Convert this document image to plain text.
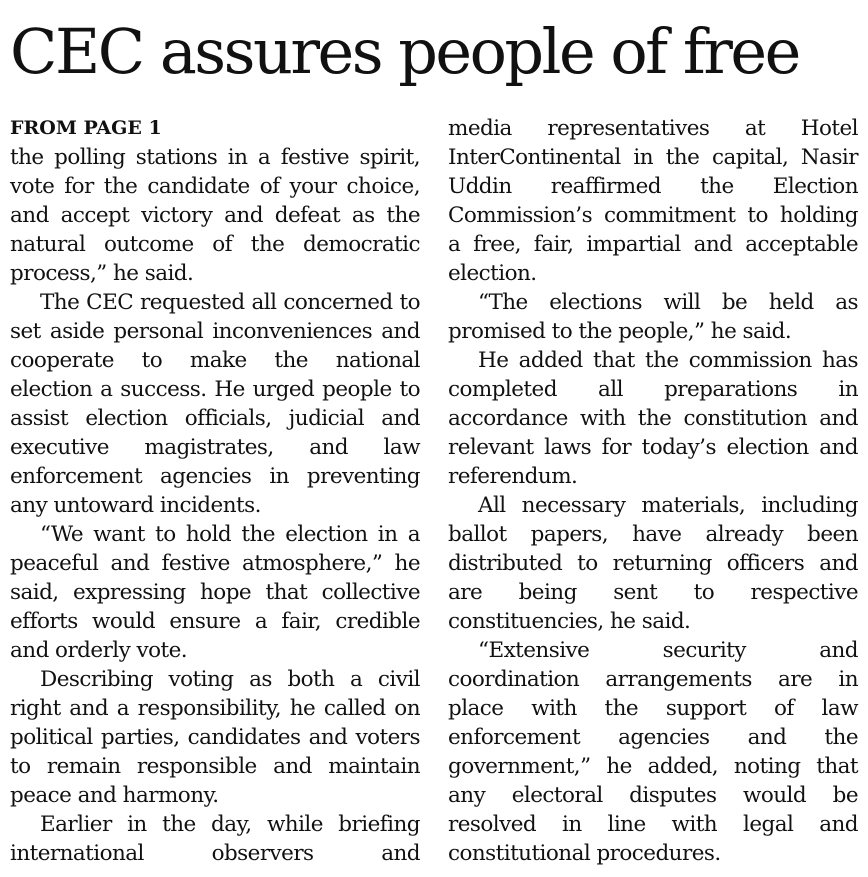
CEC assures people of free
FROM PAGE 1

the polling stations in a festive spirit, vote for the candidate of your choice, and accept victory and defeat as the natural outcome of the democratic process,” he said.

The CEC requested all concerned to set aside personal inconveniences and cooperate to make the national election a success. He urged people to assist election officials, judicial and executive magistrates, and law enforcement agencies in preventing any untoward incidents.

“We want to hold the election in a peaceful and festive atmosphere,” he said, expressing hope that collective efforts would ensure a fair, credible and orderly vote.

Describing voting as both a civil right and a responsibility, he called on political parties, candidates and voters to remain responsible and maintain peace and harmony.

Earlier in the day, while briefing international observers and

media representatives at Hotel InterContinental in the capital, Nasir Uddin reaffirmed the Election Commission’s commitment to holding a free, fair, impartial and acceptable election.

“The elections will be held as promised to the people,” he said.

He added that the commission has completed all preparations in accordance with the constitution and relevant laws for today’s election and referendum.

All necessary materials, including ballot papers, have already been distributed to returning officers and are being sent to respective constituencies, he said.

“Extensive security and coordination arrangements are in place with the support of law enforcement agencies and the government,” he added, noting that any electoral disputes would be resolved in line with legal and constitutional procedures.
